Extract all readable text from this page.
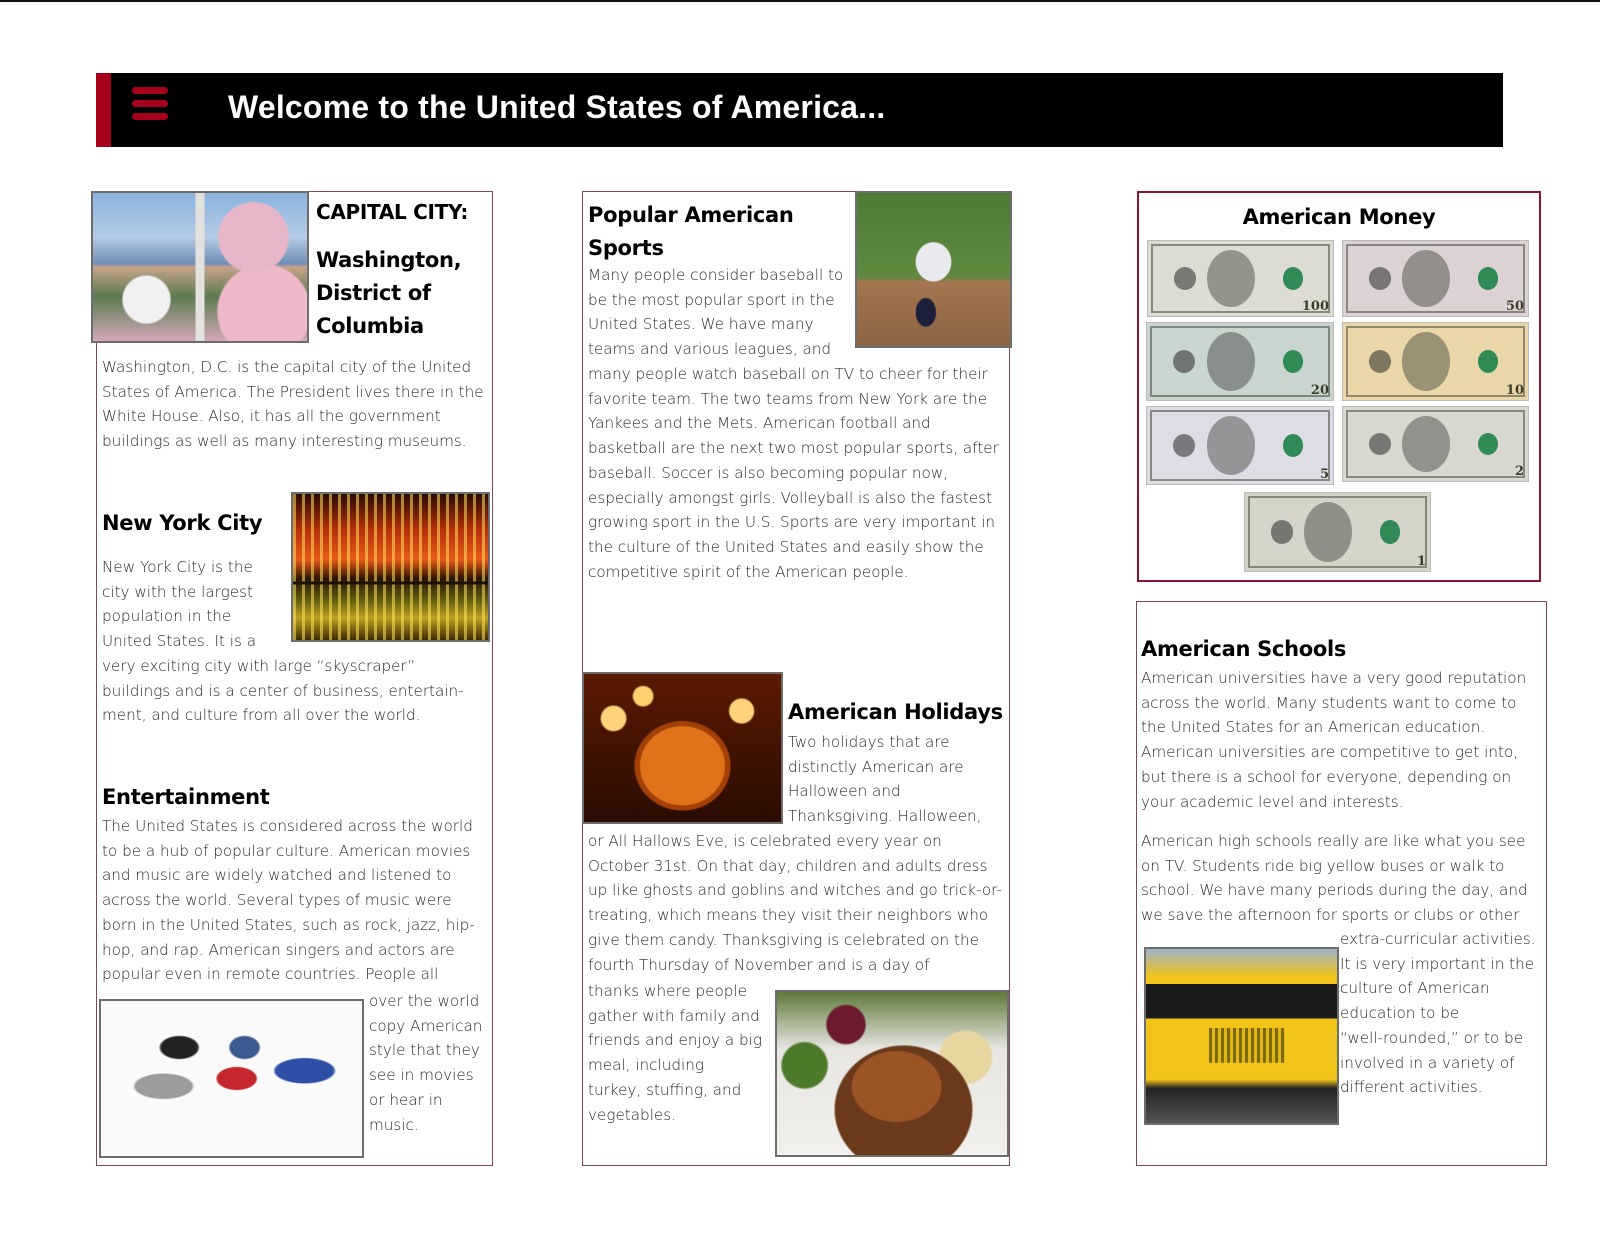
Welcome to the United States of America...
CAPITAL CITY:
Washington,
District of
Columbia
Washington, D.C. is the capital city of the United States of America. The President lives there in the White House. Also, it has all the government buildings as well as many interesting museums.
New York City
New York City is the
city with the largest
population in the
United States. It is a
very exciting city with large “skyscraper” buildings and is a center of business, entertain-ment, and culture from all over the world.
Entertainment
The United States is considered across the world to be a hub of popular culture. American movies and music are widely watched and listened to across the world. Several types of music were born in the United States, such as rock, jazz, hip-hop, and rap. American singers and actors are popular even in remote countries. People all
over the world
copy American
style that they
see in movies
or hear in
music.
Popular American
Sports
Many people consider baseball to
be the most popular sport in the
United States. We have many
teams and various leagues, and
many people watch baseball on TV to cheer for their favorite team. The two teams from New York are the Yankees and the Mets. American football and basketball are the next two most popular sports, after baseball. Soccer is also becoming popular now, especially amongst girls. Volleyball is also the fastest growing sport in the U.S. Sports are very important in the culture of the United States and easily show the competitive spirit of the American people.
American Holidays
Two holidays that are
distinctly American are
Halloween and
Thanksgiving. Halloween,
or All Hallows Eve, is celebrated every year on October 31st. On that day, children and adults dress up like ghosts and goblins and witches and go trick-or-treating, which means they visit their neighbors who give them candy. Thanksgiving is celebrated on the fourth Thursday of November and is a day of
thanks where people
gather with family and
friends and enjoy a big
meal, including
turkey, stuffing, and
vegetables.
American Money
100	50
20	10
5	2
1
American Schools
American universities have a very good reputation across the world. Many students want to come to the United States for an American education. American universities are competitive to get into, but there is a school for everyone, depending on your academic level and interests.
American high schools really are like what you see on TV. Students ride big yellow buses or walk to school. We have many periods during the day, and we save the afternoon for sports or clubs or other
extra-curricular activities.
It is very important in the
culture of American
education to be
“well-rounded,” or to be
involved in a variety of
different activities.
